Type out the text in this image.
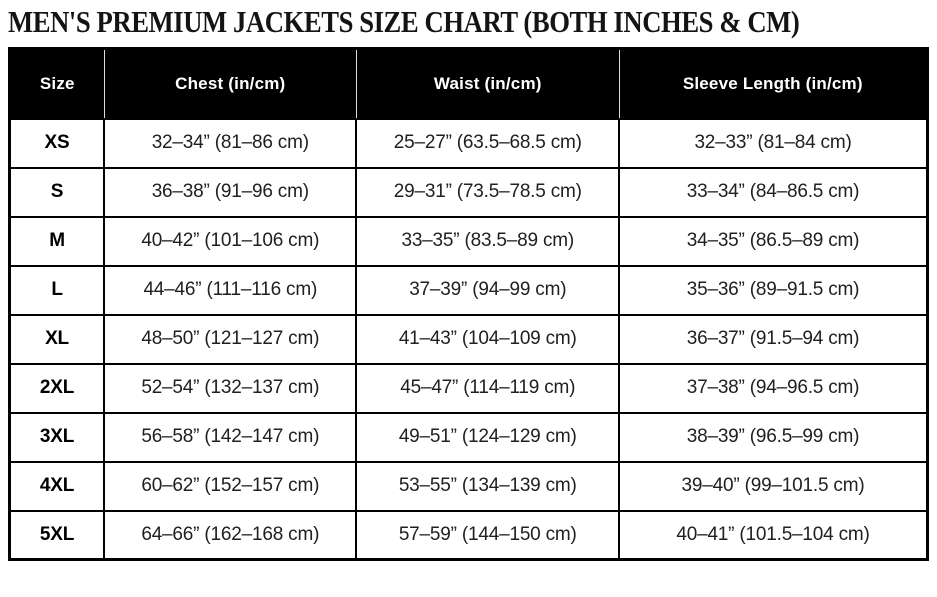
MEN'S PREMIUM JACKETS SIZE CHART (BOTH INCHES & CM)
Size	Chest (in/cm)	Waist (in/cm)	Sleeve Length (in/cm)
XS	32–34” (81–86 cm)	25–27” (63.5–68.5 cm)	32–33” (81–84 cm)
S	36–38” (91–96 cm)	29–31” (73.5–78.5 cm)	33–34” (84–86.5 cm)
M	40–42” (101–106 cm)	33–35” (83.5–89 cm)	34–35” (86.5–89 cm)
L	44–46” (111–116 cm)	37–39” (94–99 cm)	35–36” (89–91.5 cm)
XL	48–50” (121–127 cm)	41–43” (104–109 cm)	36–37” (91.5–94 cm)
2XL	52–54” (132–137 cm)	45–47” (114–119 cm)	37–38” (94–96.5 cm)
3XL	56–58” (142–147 cm)	49–51” (124–129 cm)	38–39” (96.5–99 cm)
4XL	60–62” (152–157 cm)	53–55” (134–139 cm)	39–40” (99–101.5 cm)
5XL	64–66” (162–168 cm)	57–59” (144–150 cm)	40–41” (101.5–104 cm)
